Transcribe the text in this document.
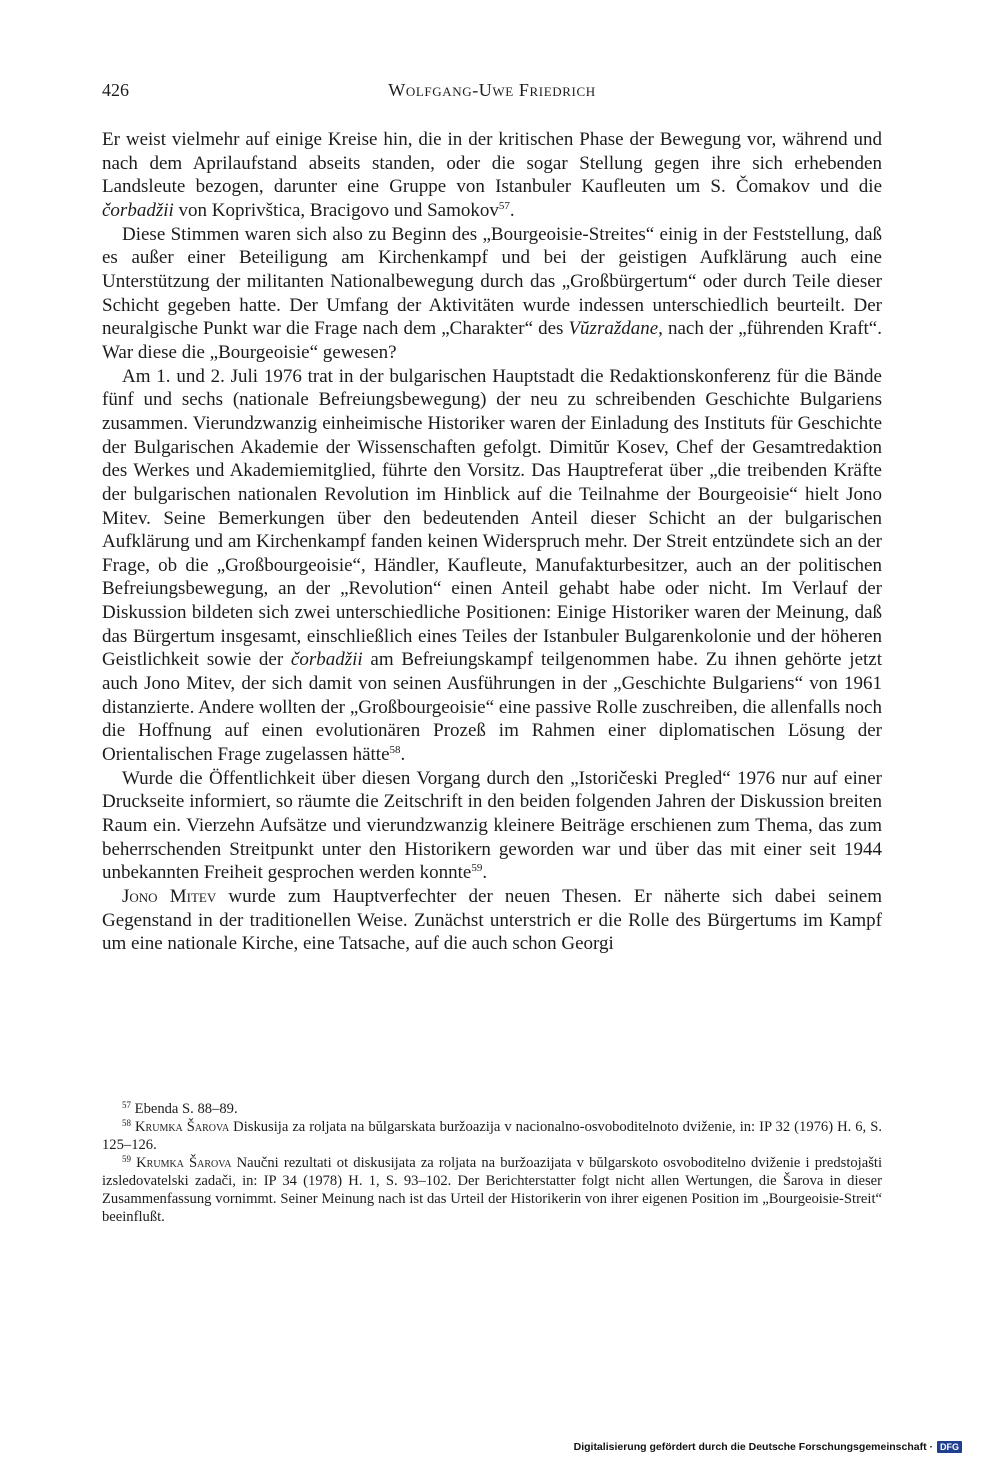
426	Wolfgang-Uwe Friedrich

Er weist vielmehr auf einige Kreise hin, die in der kritischen Phase der Bewegung vor, während und nach dem Aprilaufstand abseits standen, oder die sogar Stellung gegen ihre sich erhebenden Landsleute bezogen, darunter eine Gruppe von Istanbuler Kaufleuten um S. Čomakov und die čorbadžii von Koprivštica, Bracigovo und Samokov$^{57}$.

Diese Stimmen waren sich also zu Beginn des „Bourgeoisie-Streites“ einig in der Feststellung, daß es außer einer Beteiligung am Kirchenkampf und bei der geistigen Aufklärung auch eine Unterstützung der militanten Nationalbewegung durch das „Großbürgertum“ oder durch Teile dieser Schicht gegeben hatte. Der Umfang der Aktivitäten wurde indessen unterschiedlich beurteilt. Der neuralgische Punkt war die Frage nach dem „Charakter“ des Vŭzraždane, nach der „führenden Kraft“. War diese die „Bourgeoisie“ gewesen?

Am 1. und 2. Juli 1976 trat in der bulgarischen Hauptstadt die Redaktionskonferenz für die Bände fünf und sechs (nationale Befreiungsbewegung) der neu zu schreibenden Geschichte Bulgariens zusammen. Vierundzwanzig einheimische Historiker waren der Einladung des Instituts für Geschichte der Bulgarischen Akademie der Wissenschaften gefolgt. Dimitŭr Kosev, Chef der Gesamtredaktion des Werkes und Akademiemitglied, führte den Vorsitz. Das Hauptreferat über „die treibenden Kräfte der bulgarischen nationalen Revolution im Hinblick auf die Teilnahme der Bourgeoisie“ hielt Jono Mitev. Seine Bemerkungen über den bedeutenden Anteil dieser Schicht an der bulgarischen Aufklärung und am Kirchenkampf fanden keinen Widerspruch mehr. Der Streit entzündete sich an der Frage, ob die „Großbourgeoisie“, Händler, Kaufleute, Manufakturbesitzer, auch an der politischen Befreiungsbewegung, an der „Revolution“ einen Anteil gehabt habe oder nicht. Im Verlauf der Diskussion bildeten sich zwei unterschiedliche Positionen: Einige Historiker waren der Meinung, daß das Bürgertum insgesamt, einschließlich eines Teiles der Istanbuler Bulgarenkolonie und der höheren Geistlichkeit sowie der čorbadžii am Befreiungskampf teilgenommen habe. Zu ihnen gehörte jetzt auch Jono Mitev, der sich damit von seinen Ausführungen in der „Geschichte Bulgariens“ von 1961 distanzierte. Andere wollten der „Großbourgeoisie“ eine passive Rolle zuschreiben, die allenfalls noch die Hoffnung auf einen evolutionären Prozeß im Rahmen einer diplomatischen Lösung der Orientalischen Frage zugelassen hätte$^{58}$.

Wurde die Öffentlichkeit über diesen Vorgang durch den „Istoričeski Pregled“ 1976 nur auf einer Druckseite informiert, so räumte die Zeitschrift in den beiden folgenden Jahren der Diskussion breiten Raum ein. Vierzehn Aufsätze und vierundzwanzig kleinere Beiträge erschienen zum Thema, das zum beherrschenden Streitpunkt unter den Historikern geworden war und über das mit einer seit 1944 unbekannten Freiheit gesprochen werden konnte$^{59}$.

Jono Mitev wurde zum Hauptverfechter der neuen Thesen. Er näherte sich dabei seinem Gegenstand in der traditionellen Weise. Zunächst unterstrich er die Rolle des Bürgertums im Kampf um eine nationale Kirche, eine Tatsache, auf die auch schon Georgi

$^{57}$ Ebenda S. 88–89.

$^{58}$ Krumka Šarova Diskusija za roljata na bŭlgarskata buržoazija v nacionalno-osvoboditelnoto dviženie, in: IP 32 (1976) H. 6, S. 125–126.

$^{59}$ Krumka Šarova Naučni rezultati ot diskusijata za roljata na buržoazijata v bŭlgarskoto osvoboditelno dviženie i predstojašti izsledovatelski zadači, in: IP 34 (1978) H. 1, S. 93–102. Der Berichterstatter folgt nicht allen Wertungen, die Šarova in dieser Zusammenfassung vornimmt. Seiner Meinung nach ist das Urteil der Historikerin von ihrer eigenen Position im „Bourgeoisie-Streit“ beeinflußt.

Digitalisierung gefördert durch die Deutsche Forschungsgemeinschaft · DFG
